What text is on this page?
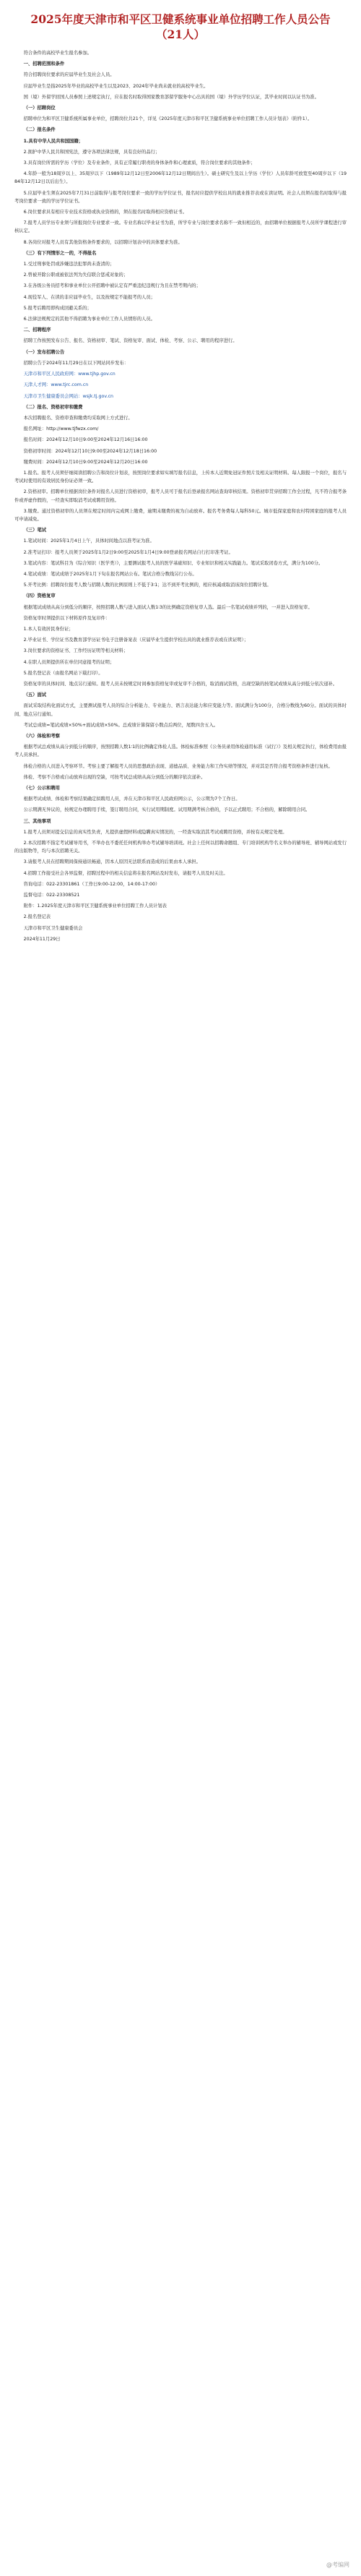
2025年度天津市和平区卫健系统事业单位招聘工作人员公告（21人）

符合条件的高校毕业生报名参加。

一、招聘范围和条件

符合招聘岗位要求的应届毕业生及社会人员。

应届毕业生是指2025年毕业的高校毕业生以及2023、2024年毕业尚未就业的高校毕业生。

国（境）外留学回国人员参照上述规定执行，应在报名时取得国家教育部留学服务中心出具的国（境）外学历学位认证，其毕业时间以认证书为准。

（一）招聘岗位

招聘单位为和平区卫健系统所属事业单位，招聘岗位共21个，详见《2025年度天津市和平区卫健系统事业单位招聘工作人员计划表》（附件1）。

（二）报名条件

1.具有中华人民共和国国籍；

2.拥护中华人民共和国宪法，遵守各项法律法规，具有良好的品行；

3.具有岗位所需的学历（学位）及专业条件，具有正常履行职责的身体条件和心理素质，符合岗位要求的其他条件；

4.年龄一般为18周岁以上、35周岁以下（1989年12月12日至2006年12月12日期间出生）。硕士研究生及以上学历（学位）人员年龄可放宽至40周岁以下（1984年12月12日以后出生）。

5.应届毕业生须在2025年7月31日前取得与报考岗位要求一致的学历学位证书，报名时应提供学校出具的就业推荐表或在读证明。社会人员须在报名时取得与报考岗位要求一致的学历学位证书。

6.岗位要求具有相应专业技术资格或执业资格的，须在报名时取得相应资格证书。

7.报考人员学历专业须与所报岗位专业要求一致。专业名称以毕业证书为准，所学专业与岗位要求名称不一致但相近的，由招聘单位根据报考人员所学课程进行审核认定。

8.各岗位对报考人员有其他资格条件要求的，以招聘计划表中的具体要求为准。

（三）有下列情形之一的，不得报名

1.受过刑事处罚或涉嫌违法犯罪尚未查清的；

2.曾被开除公职或被依法列为失信联合惩戒对象的；

3.在各级公务员招考和事业单位公开招聘中被认定有严重违纪违规行为且在禁考期内的；

4.现役军人、在读的非应届毕业生，以及按规定不能报考的人员；

5.报考后聘用即构成回避关系的；

6.法律法规规定的其他不得招聘为事业单位工作人员情形的人员。

二、招聘程序

招聘工作按照发布公告、报名、资格初审、笔试、资格复审、面试、体检、考察、公示、聘用的程序进行。

（一）发布招聘公告

招聘公告于2024年11月29日在以下网站同步发布：

天津市和平区人民政府网：www.tjhp.gov.cn

天津人才网：www.tjrc.com.cn

天津市卫生健康委员会网站：wsjk.tj.gov.cn

（二）报名、资格初审和缴费

本次招聘报名、资格审查和缴费均采取网上方式进行。

报名网址：http://www.tjfwzx.com/

报名时间：2024年12月10日9:00至2024年12月16日16:00

资格初审时间：2024年12月10日9:00至2024年12月18日16:00

缴费时间：2024年12月10日9:00至2024年12月20日16:00

1.报名。报考人员须仔细阅读招聘公告和岗位计划表，按照岗位要求如实填写报名信息，上传本人近期免冠证件照片及相关证明材料。每人限报一个岗位，报名与考试时使用的有效居民身份证必须一致。

2.资格初审。招聘单位根据岗位条件对报名人员进行资格初审，报考人员可于报名后登录报名网站查询审核结果。资格初审贯穿招聘工作全过程，凡不符合报考条件或弄虚作假的，一经查实即取消考试或聘用资格。

3.缴费。通过资格初审的人员须在规定时间内完成网上缴费，逾期未缴费的视为自动放弃。报名考务费每人每科50元。城市低保家庭和农村特困家庭的报考人员可申请减免。

（三）笔试

1.笔试时间：2025年1月4日上午，具体时间地点以准考证为准。

2.准考证打印：报考人员须于2025年1月2日9:00至2025年1月4日9:00登录报名网站自行打印准考证。

3.笔试内容：笔试科目为《综合知识（医学类）》，主要测试报考人员的医学基础知识、专业知识和相关实践能力。笔试采取闭卷方式，满分为100分。

4.笔试成绩：笔试成绩于2025年1月下旬在报名网站公布。笔试合格分数线另行公布。

5.开考比例：招聘岗位报考人数与招聘人数的比例原则上不低于3∶1；达不到开考比例的，相应核减或取消该岗位招聘计划。

（四）资格复审

根据笔试成绩从高分到低分的顺序，按照招聘人数与进入面试人数1∶3的比例确定资格复审人选。最后一名笔试成绩并列的，一并进入资格复审。

资格复审时须提供以下材料原件及复印件：

1.本人有效居民身份证；

2.毕业证书、学位证书及教育部学历证书电子注册备案表（应届毕业生提供学校出具的就业推荐表或在读证明）；

3.岗位要求的资格证书、工作经历证明等相关材料；

4.在职人员须提供所在单位同意报考的证明；

5.报名登记表（由报名网站下载打印）。

资格复审的具体时间、地点另行通知。报考人员未按规定时间参加资格复审或复审不合格的，取消面试资格，出现空缺的按笔试成绩从高分到低分依次递补。

（五）面试

面试采取结构化面试方式，主要测试报考人员的综合分析能力、专业能力、语言表达能力和应变能力等。面试满分为100分，合格分数线为60分。面试的具体时间、地点另行通知。

考试总成绩=笔试成绩×50%+面试成绩×50%。总成绩计算保留小数点后两位，尾数四舍五入。

（六）体检和考察

根据考试总成绩从高分到低分的顺序，按照招聘人数1∶1的比例确定体检人选。体检标准参照《公务员录用体检通用标准（试行）》及相关规定执行，体检费用由报考人员承担。

体检合格的人员进入考察环节。考察主要了解报考人员的思想政治表现、道德品质、业务能力和工作实绩等情况，并对其是否符合报考资格条件进行复核。

体检、考察不合格或自动放弃出现的空缺，可按考试总成绩从高分到低分的顺序依次递补。

（七）公示和聘用

根据考试成绩、体检和考察结果确定拟聘用人员，并在天津市和平区人民政府网公示，公示期为7个工作日。

公示期满无异议的，按规定办理聘用手续，签订聘用合同，实行试用期制度。试用期满考核合格的，予以正式聘用；不合格的，解除聘用合同。

三、其他事项

1.报考人员须对提交信息的真实性负责，凡提供虚假材料或隐瞒真实情况的，一经查实取消其考试或聘用资格，并按有关规定处理。

2.本次招聘不指定考试辅导用书，不举办也不委托任何机构举办考试辅导培训班。社会上任何以招聘命题组、专门培训机构等名义举办的辅导班、辅导网站或发行的出版物等，均与本次招聘无关。

3.请报考人员在招聘期间保持通讯畅通，因本人原因无法联系而造成的后果由本人承担。

4.招聘工作接受社会各界监督，招聘过程中的相关信息将在报名网站及时发布，请报考人员及时关注。

咨询电话：022-23301861（工作日9:00-12:00，14:00-17:00）

监督电话：022-23308521

附件：1.2025年度天津市和平区卫健系统事业单位招聘工作人员计划表

2.报名登记表

天津市和平区卫生健康委员会

2024年11月29日

@考编网
